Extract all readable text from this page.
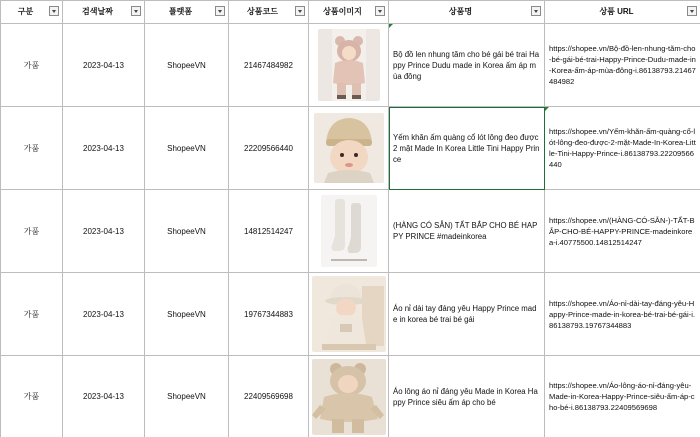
구분	검색날짜	플랫폼	상품코드	상품이미지	상품명	상품 URL

가품	2023-04-13	ShopeeVN	21467484982		Bộ đồ len nhung tăm cho bé gái bé trai Happy Prince Dudu made in Korea ấm áp mùa đông	https://shopee.vn/Bộ-đồ-len-nhung-tăm-cho-bé-gái-bé-trai-Happy-Prince-Dudu-made-in-Korea-ấm-áp-mùa-đông-i.86138793.21467484982
가품	2023-04-13	ShopeeVN	22209566440		Yếm khăn ấm quàng cổ lót lông đeo được 2 mặt Made In Korea Little Tini Happy Prince	https://shopee.vn/Yếm-khăn-ấm-quàng-cổ-lót-lông-đeo-được-2-mặt-Made-In-Korea-Little-Tini-Happy-Prince-i.86138793.22209566440
가품	2023-04-13	ShopeeVN	14812514247		(HÀNG CÓ SẴN) TẤT BẮP CHO BÉ HAPPY PRINCE #madeinkorea	https://shopee.vn/(HÀNG-CÓ-SẴN-)-TẤT-BẮP-CHO-BÉ-HAPPY-PRINCE-madeinkorea-i.40775500.14812514247
가품	2023-04-13	ShopeeVN	19767344883		Áo nỉ dài tay đáng yêu Happy Prince made in korea bé trai bé gái	https://shopee.vn/Áo-nỉ-dài-tay-đáng-yêu-Happy-Prince-made-in-korea-bé-trai-bé-gái-i.86138793.19767344883
가품	2023-04-13	ShopeeVN	22409569698		Áo lông áo nỉ đáng yêu Made in Korea Happy Prince siêu ấm áp cho bé	https://shopee.vn/Áo-lông-áo-nỉ-đáng-yêu-Made-in-Korea-Happy-Prince-siêu-ấm-áp-cho-bé-i.86138793.22409569698
